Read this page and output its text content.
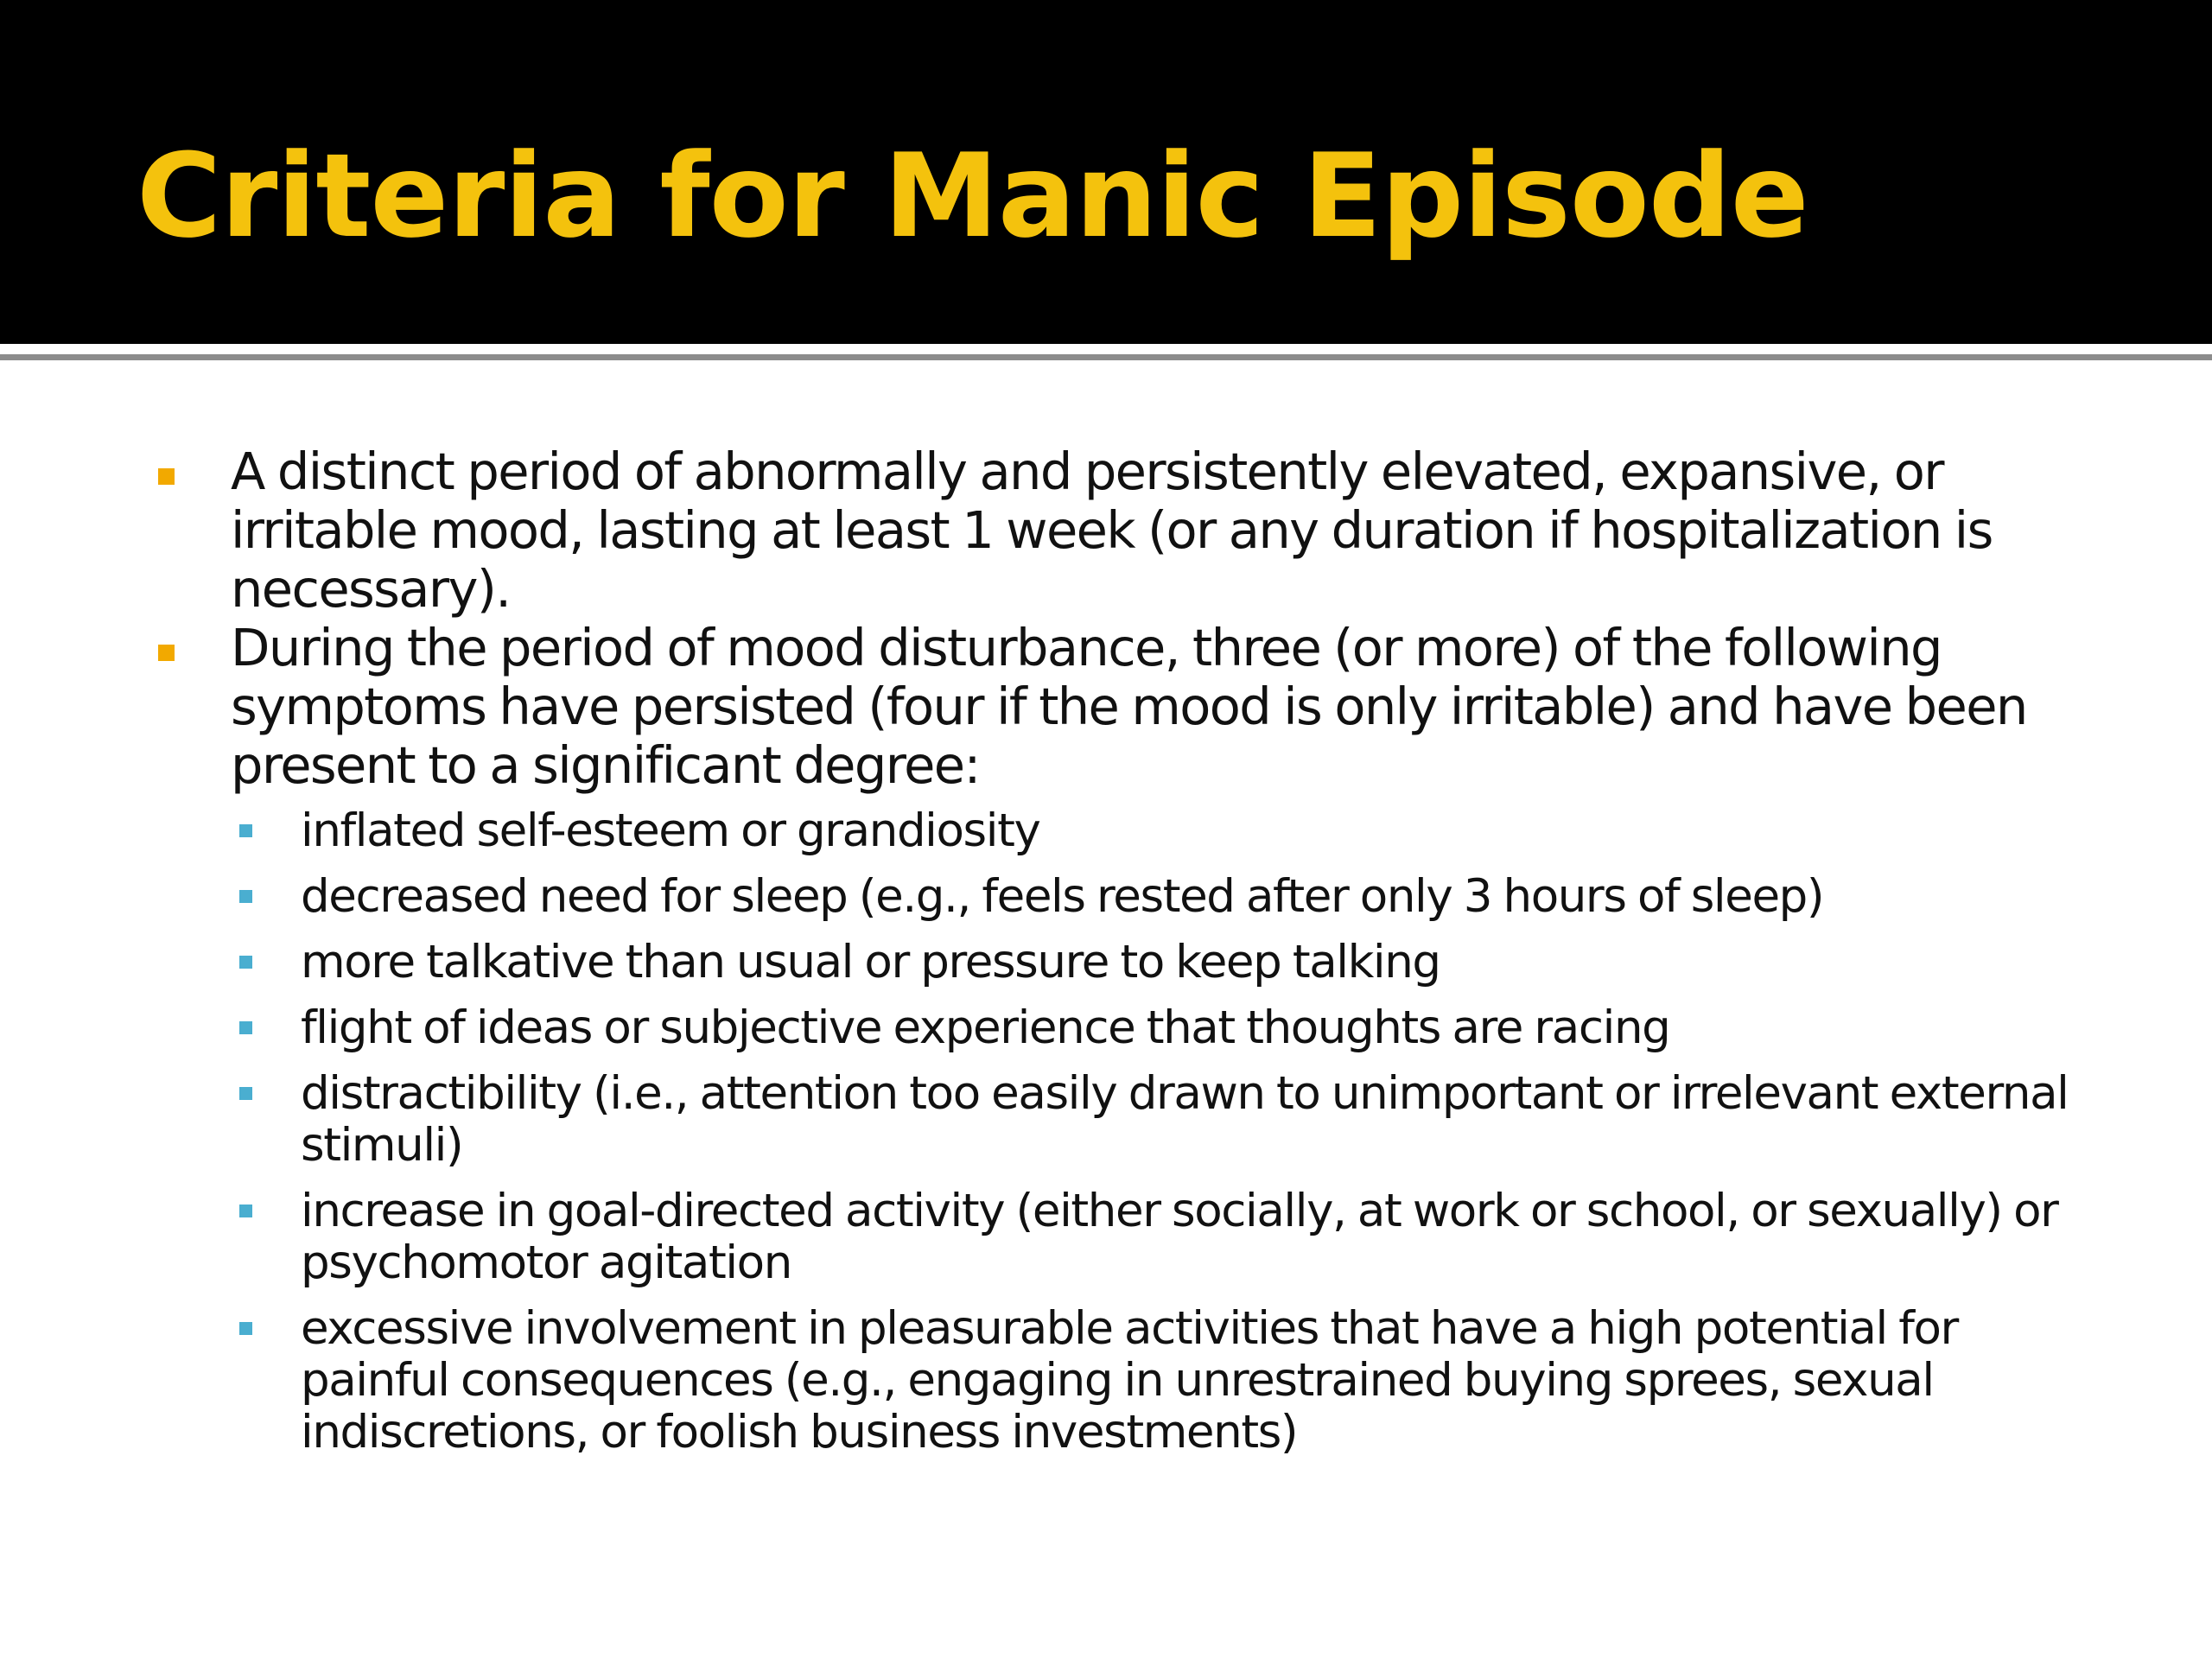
Criteria for Manic Episode

A distinct period of abnormally and persistently elevated, expansive, or irritable mood, lasting at least 1 week (or any duration if hospitalization is necessary).

During the period of mood disturbance, three (or more) of the following symptoms have persisted (four if the mood is only irritable) and have been present to a significant degree:

inflated self-esteem or grandiosity

decreased need for sleep (e.g., feels rested after only 3 hours of sleep)

more talkative than usual or pressure to keep talking

flight of ideas or subjective experience that thoughts are racing

distractibility (i.e., attention too easily drawn to unimportant or irrelevant external stimuli)

increase in goal-directed activity (either socially, at work or school, or sexually) or psychomotor agitation

excessive involvement in pleasurable activities that have a high potential for painful consequences (e.g., engaging in unrestrained buying sprees, sexual indiscretions, or foolish business investments)
